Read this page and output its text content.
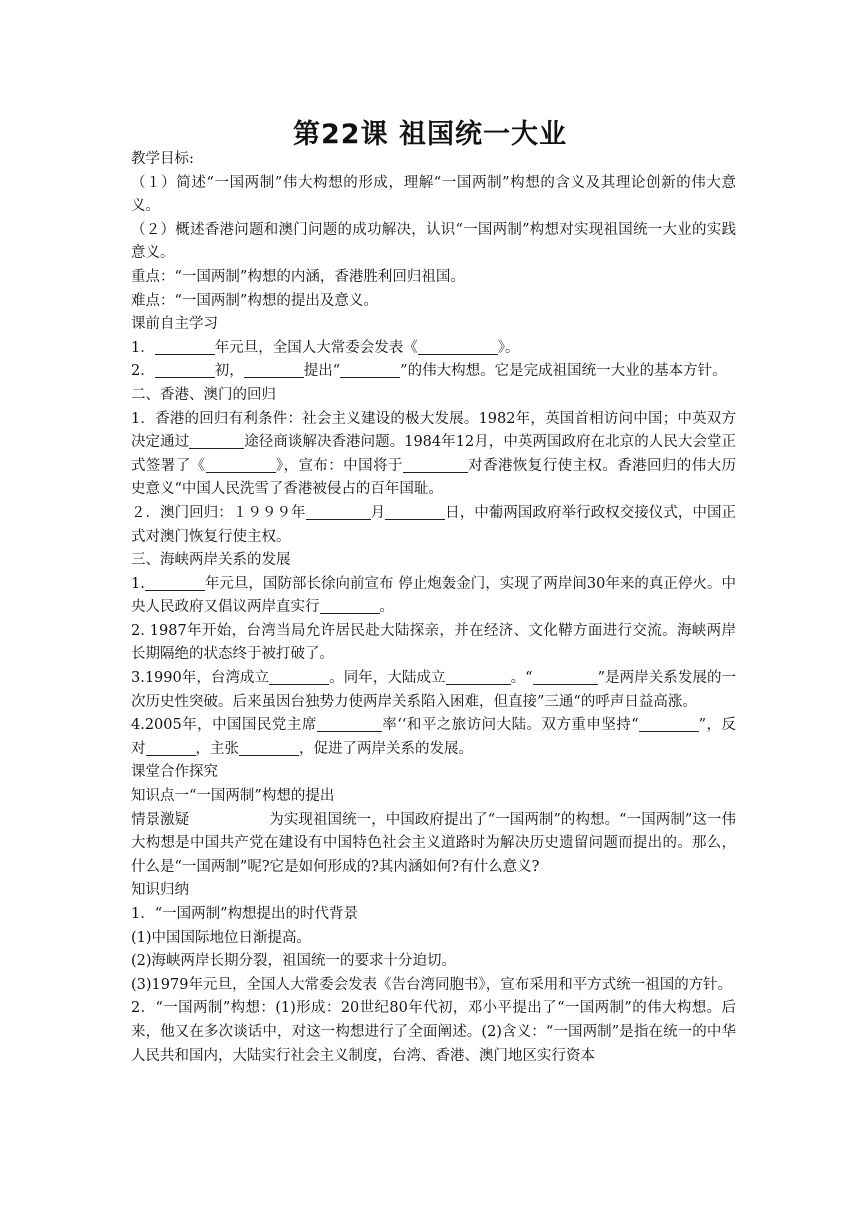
第22课 祖国统一大业

教学目标:

（１）简述“一国两制”伟大构想的形成，理解“一国两制”构想的含义及其理论创新的伟大意义。

（２）概述香港问题和澳门问题的成功解决，认识“一国两制”构想对实现祖国统一大业的实践意义。

重点：“一国两制”构想的内涵，香港胜利回归祖国。

难点：“一国两制”构想的提出及意义。

课前自主学习

1．	年元旦，全国人大常委会发表《	》。

2．	初，	提出“	”的伟大构想。它是完成祖国统一大业的基本方针。

二、香港、澳门的回归

1．香港的回归有利条件：社会主义建设的极大发展。1982年，英国首相访问中国；中英双方决定通过	途径商谈解决香港问题。1984年12月，中英两国政府在北京的人民大会堂正式签署了《	》，宣布：中国将于	对香港恢复行使主权。香港回归的伟大历史意义“中国人民洗雪了香港被侵占的百年国耻。

２．澳门回归：１９９９年	月	日，中葡两国政府举行政权交接仪式，中国正式对澳门恢复行使主权。

三、海峡两岸关系的发展

1.	年元旦，国防部长徐向前宣布 停止炮轰金门，实现了两岸间30年来的真正停火。中央人民政府又倡议两岸直实行	。

2. 1987年开始，台湾当局允许居民赴大陆探亲，并在经济、文化鞯方面进行交流。海峡两岸长期隔绝的状态终于被打破了。

3.1990年，台湾成立	。同年，大陆成立	。“	”是两岸关系发展的一次历史性突破。后来虽因台独势力使两岸关系陷入困难，但直接”三通“的呼声日益高涨。

4.2005年，中国国民党主席	率‘‘和平之旅访问大陆。双方重申坚持“	”，反对	，主张	，促进了两岸关系的发展。

课堂合作探究

知识点一“一国两制”构想的提出

情景激疑	为实现祖国统一，中国政府提出了“一国两制”的构想。“一国两制”这一伟大构想是中国共产党在建设有中国特色社会主义道路时为解决历史遗留问题而提出的。那么，什么是“一国两制”呢?它是如何形成的?其内涵如何?有什么意义?

知识归纳

1．“一国两制”构想提出的时代背景

(1)中国国际地位日渐提高。

(2)海峡两岸长期分裂，祖国统一的要求十分迫切。

(3)1979年元旦，全国人大常委会发表《告台湾同胞书》，宣布采用和平方式统一祖国的方针。

2．“一国两制”构想：(1)形成：20世纪80年代初，邓小平提出了“一国两制”的伟大构想。后来，他又在多次谈话中，对这一构想进行了全面阐述。(2)含义：“一国两制”是指在统一的中华人民共和国内，大陆实行社会主义制度，台湾、香港、澳门地区实行资本
